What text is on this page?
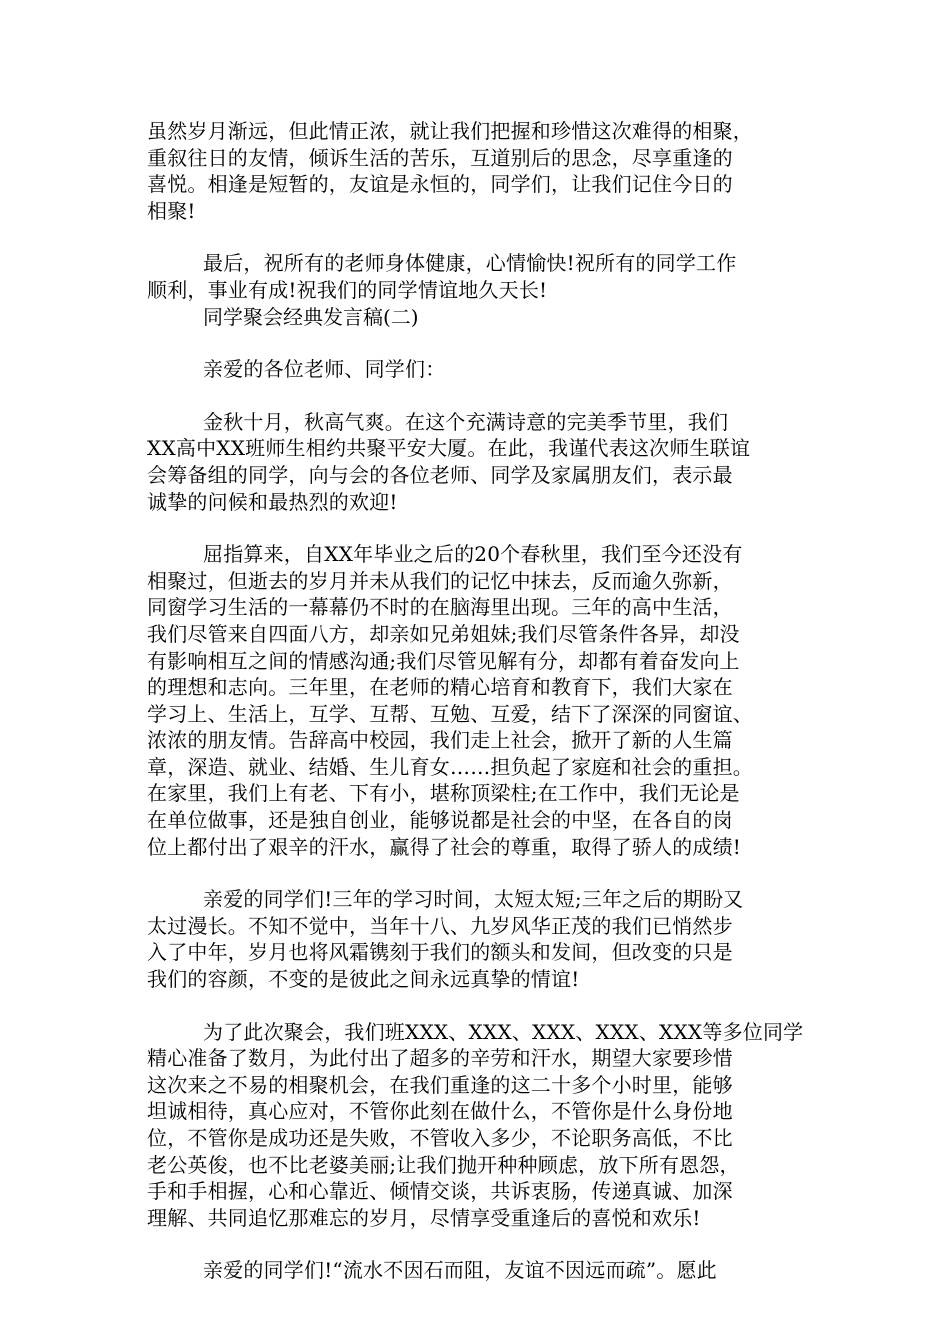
虽然岁月渐远，但此情正浓，就让我们把握和珍惜这次难得的相聚，
重叙往日的友情，倾诉生活的苦乐，互道别后的思念，尽享重逢的
喜悦。相逢是短暂的，友谊是永恒的，同学们，让我们记住今日的
相聚!

最后，祝所有的老师身体健康，心情愉快!祝所有的同学工作
顺利，事业有成!祝我们的同学情谊地久天长!

同学聚会经典发言稿(二)

亲爱的各位老师、同学们：

金秋十月，秋高气爽。在这个充满诗意的完美季节里，我们
XX高中XX班师生相约共聚平安大厦。在此，我谨代表这次师生联谊
会筹备组的同学，向与会的各位老师、同学及家属朋友们，表示最
诚挚的问候和最热烈的欢迎!

屈指算来，自XX年毕业之后的20个春秋里，我们至今还没有
相聚过，但逝去的岁月并未从我们的记忆中抹去，反而逾久弥新，
同窗学习生活的一幕幕仍不时的在脑海里出现。三年的高中生活，
我们尽管来自四面八方，却亲如兄弟姐妹;我们尽管条件各异，却没
有影响相互之间的情感沟通;我们尽管见解有分，却都有着奋发向上
的理想和志向。三年里，在老师的精心培育和教育下，我们大家在
学习上、生活上，互学、互帮、互勉、互爱，结下了深深的同窗谊、
浓浓的朋友情。告辞高中校园，我们走上社会，掀开了新的人生篇
章，深造、就业、结婚、生儿育女……担负起了家庭和社会的重担。
在家里，我们上有老、下有小，堪称顶梁柱;在工作中，我们无论是
在单位做事，还是独自创业，能够说都是社会的中坚，在各自的岗
位上都付出了艰辛的汗水，赢得了社会的尊重，取得了骄人的成绩!

亲爱的同学们!三年的学习时间，太短太短;三年之后的期盼又
太过漫长。不知不觉中，当年十八、九岁风华正茂的我们已悄然步
入了中年，岁月也将风霜镌刻于我们的额头和发间，但改变的只是
我们的容颜，不变的是彼此之间永远真挚的情谊!

为了此次聚会，我们班XXX、XXX、XXX、XXX、XXX等多位同学
精心准备了数月，为此付出了超多的辛劳和汗水，期望大家要珍惜
这次来之不易的相聚机会，在我们重逢的这二十多个小时里，能够
坦诚相待，真心应对，不管你此刻在做什么，不管你是什么身份地
位，不管你是成功还是失败，不管收入多少，不论职务高低，不比
老公英俊，也不比老婆美丽;让我们抛开种种顾虑，放下所有恩怨，
手和手相握，心和心靠近、倾情交谈，共诉衷肠，传递真诚、加深
理解、共同追忆那难忘的岁月，尽情享受重逢后的喜悦和欢乐!

亲爱的同学们!“流水不因石而阻，友谊不因远而疏”。愿此
